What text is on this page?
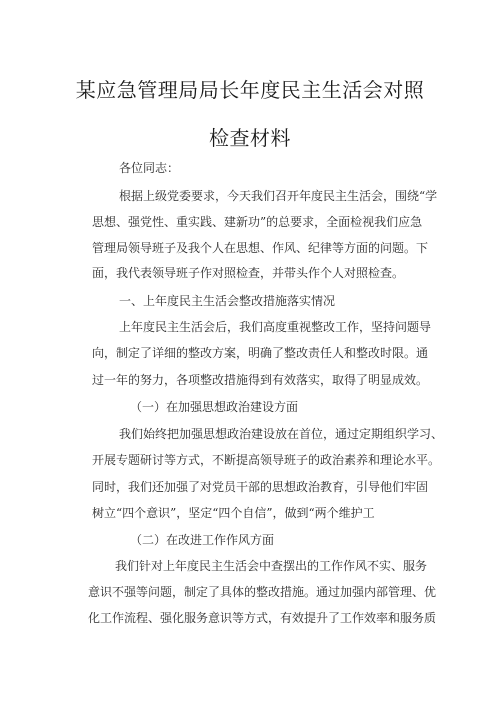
某应急管理局局长年度民主生活会对照
检查材料
各位同志：
根据上级党委要求，今天我们召开年度民主生活会，围绕“学
思想、强党性、重实践、建新功”的总要求，全面检视我们应急
管理局领导班子及我个人在思想、作风、纪律等方面的问题。下
面，我代表领导班子作对照检查，并带头作个人对照检查。
一、上年度民主生活会整改措施落实情况
上年度民主生活会后，我们高度重视整改工作，坚持问题导
向，制定了详细的整改方案，明确了整改责任人和整改时限。通
过一年的努力，各项整改措施得到有效落实，取得了明显成效。
（一）在加强思想政治建设方面
我们始终把加强思想政治建设放在首位，通过定期组织学习、
开展专题研讨等方式，不断提高领导班子的政治素养和理论水平。
同时，我们还加强了对党员干部的思想政治教育，引导他们牢固
树立“四个意识”，坚定“四个自信”，做到“两个维护工
（二）在改进工作作风方面
我们针对上年度民主生活会中查摆出的工作作风不实、服务
意识不强等问题，制定了具体的整改措施。通过加强内部管理、优
化工作流程、强化服务意识等方式，有效提升了工作效率和服务质
